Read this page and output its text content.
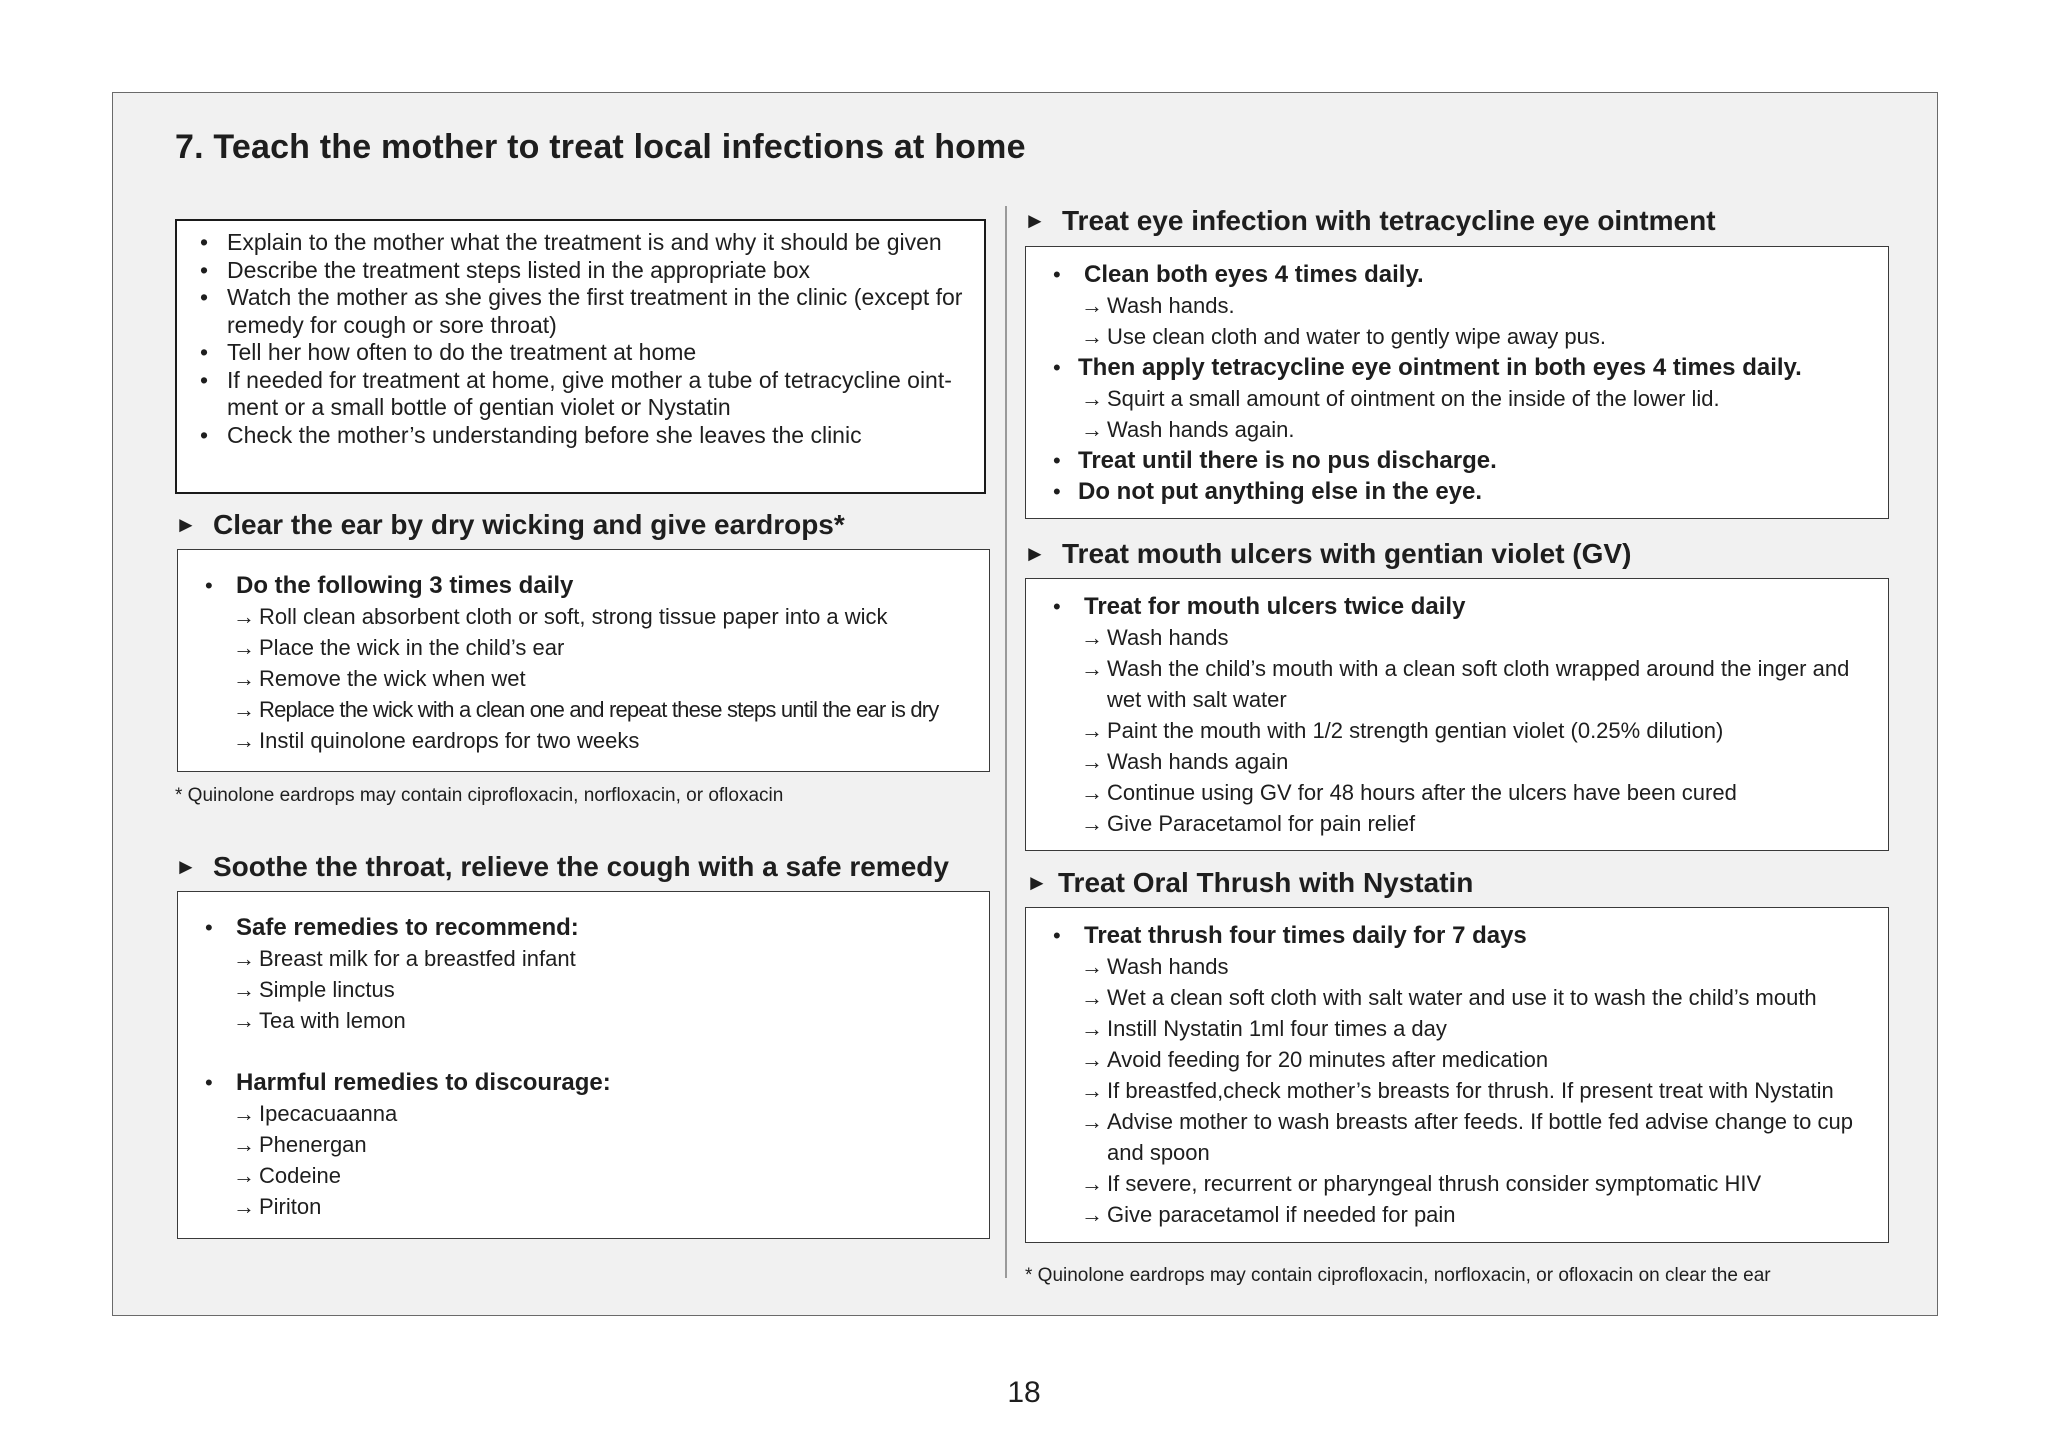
7. Teach the mother to treat local infections at home
• Explain to the mother what the treatment is and why it should be given
• Describe the treatment steps listed in the appropriate box
• Watch the mother as she gives the first treatment in the clinic (except for remedy for cough or sore throat)
• Tell her how often to do the treatment at home
• If needed for treatment at home, give mother a tube of tetracycline oint-ment or a small bottle of gentian violet or Nystatin
• Check the mother’s understanding before she leaves the clinic
► Clear the ear by dry wicking and give eardrops*
• Do the following 3 times daily
→ Roll clean absorbent cloth or soft, strong tissue paper into a wick
→ Place the wick in the child’s ear
→ Remove the wick when wet
→ Replace the wick with a clean one and repeat these steps until the ear is dry
→ Instil quinolone eardrops for two weeks

* Quinolone eardrops may contain ciprofloxacin, norfloxacin, or ofloxacin

► Soothe the throat, relieve the cough with a safe remedy
• Safe remedies to recommend:
→ Breast milk for a breastfed infant
→ Simple linctus
→ Tea with lemon
• Harmful remedies to discourage:
→ Ipecacuaanna
→ Phenergan
→ Codeine
→ Piriton
► Treat eye infection with tetracycline eye ointment
• Clean both eyes 4 times daily.
→ Wash hands.
→ Use clean cloth and water to gently wipe away pus.
• Then apply tetracycline eye ointment in both eyes 4 times daily.
→ Squirt a small amount of ointment on the inside of the lower lid.
→ Wash hands again.
• Treat until there is no pus discharge.
• Do not put anything else in the eye.
► Treat mouth ulcers with gentian violet (GV)
• Treat for mouth ulcers twice daily
→ Wash hands
→ Wash the child’s mouth with a clean soft cloth wrapped around the inger and wet with salt water
→ Paint the mouth with 1/2 strength gentian violet (0.25% dilution)
→ Wash hands again
→ Continue using GV for 48 hours after the ulcers have been cured
→ Give Paracetamol for pain relief
► Treat Oral Thrush with Nystatin
• Treat thrush four times daily for 7 days
→ Wash hands
→ Wet a clean soft cloth with salt water and use it to wash the child’s mouth
→ Instill Nystatin 1ml four times a day
→ Avoid feeding for 20 minutes after medication
→ If breastfed,check mother’s breasts for thrush. If present treat with Nystatin
→ Advise mother to wash breasts after feeds. If bottle fed advise change to cup and spoon
→ If severe, recurrent or pharyngeal thrush consider symptomatic HIV
→ Give paracetamol if needed for pain

* Quinolone eardrops may contain ciprofloxacin, norfloxacin, or ofloxacin on clear the ear

18
